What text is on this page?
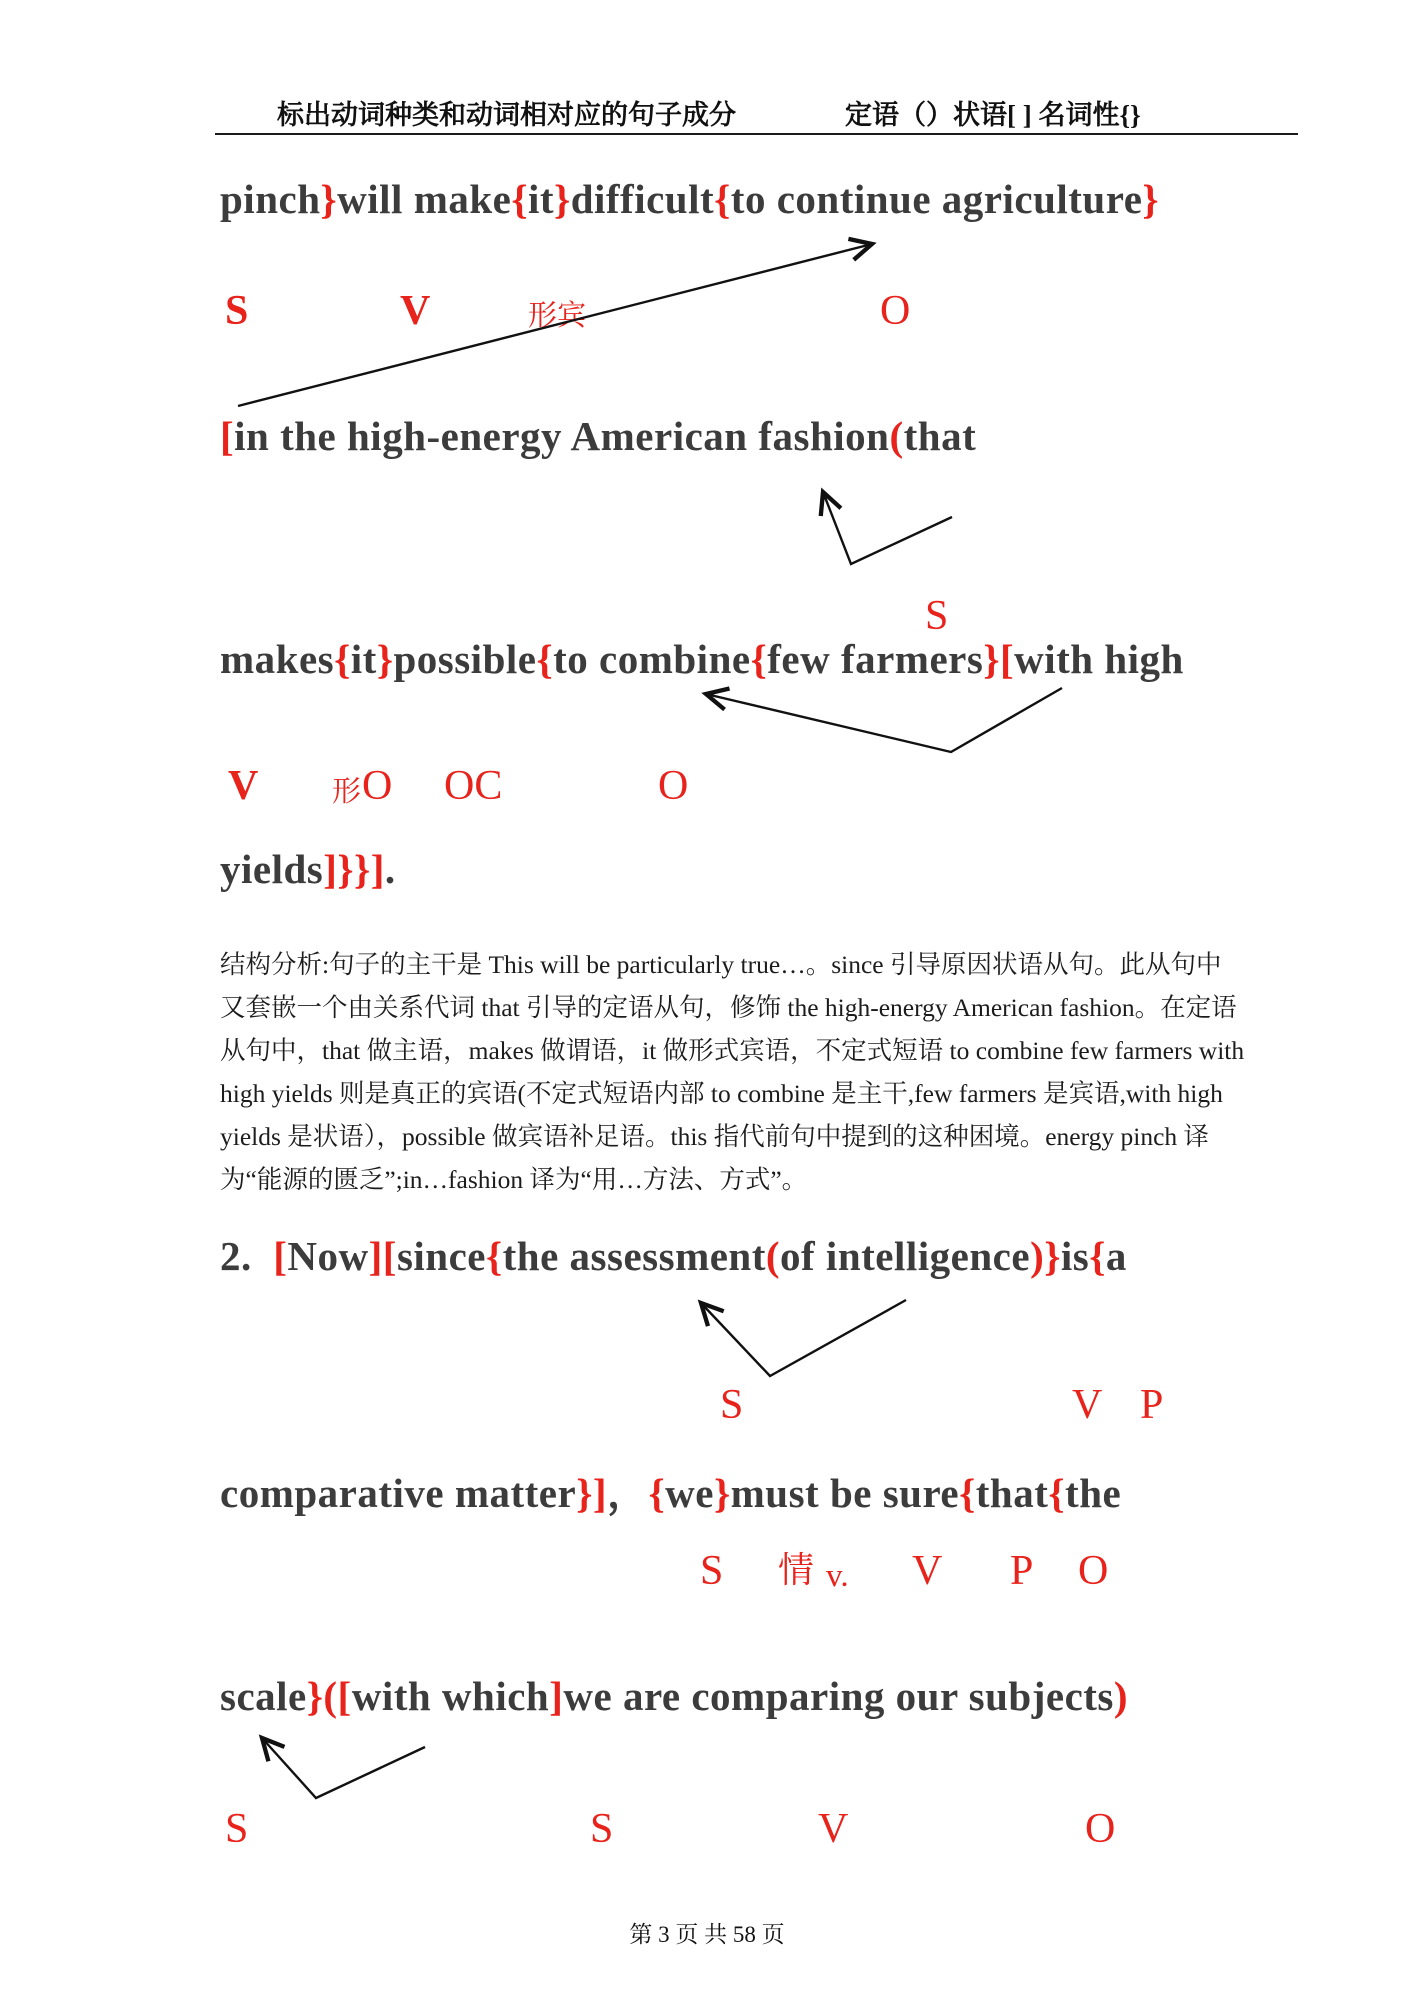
标出动词种类和动词相对应的句子成分	定语（）状语[ ] 名词性{}
pinch}will make{it}difficult{to continue agriculture}
S	V	形宾	O
[in the high-energy American fashion(that
S
makes{it}possible{to combine{few farmers}[with high
V	形 O OC	O
yields]}}].
结构分析:句子的主干是 This will be particularly true…。since 引导原因状语从句。此从句中
又套嵌一个由关系代词 that 引导的定语从句，修饰 the high-energy American fashion。在定语
从句中，that 做主语，makes 做谓语，it 做形式宾语，不定式短语 to combine few farmers with
high yields 则是真正的宾语(不定式短语内部 to combine 是主干,few farmers 是宾语,with high
yields 是状语），possible 做宾语补足语。this 指代前句中提到的这种困境。energy pinch 译
为“能源的匮乏”;in…fashion 译为“用…方法、方式”。
2.  [Now][since{the assessment(of intelligence)}is{a
S	V P
comparative matter}]，{we}must be sure{that{the
S 情 v. V P O
scale}([with which]we are comparing our subjects)
S	S	V	O
第 3 页 共 58 页
